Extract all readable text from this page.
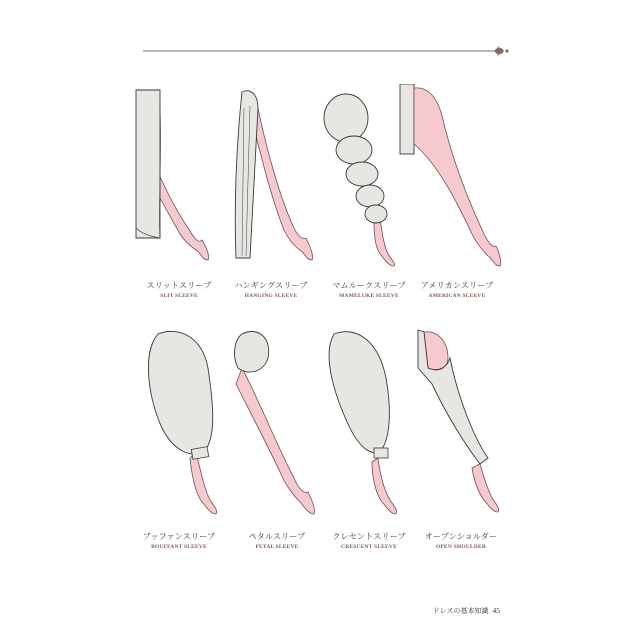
スリットスリーブ
SLIT SLEEVE
ハンギングスリーブ
HANGING SLEEVE
マムルークスリーブ
MAMELUKE SLEEVE
アメリカンスリーブ
AMERICAN SLEEVE
ブッファンスリーブ
BOUFFANT SLEEVE
ペタルスリーブ
PETAL SLEEVE
クレセントスリーブ
CRESCENT SLEEVE
オープンショルダー
OPEN SHOULDER
ドレスの基本知識 45
